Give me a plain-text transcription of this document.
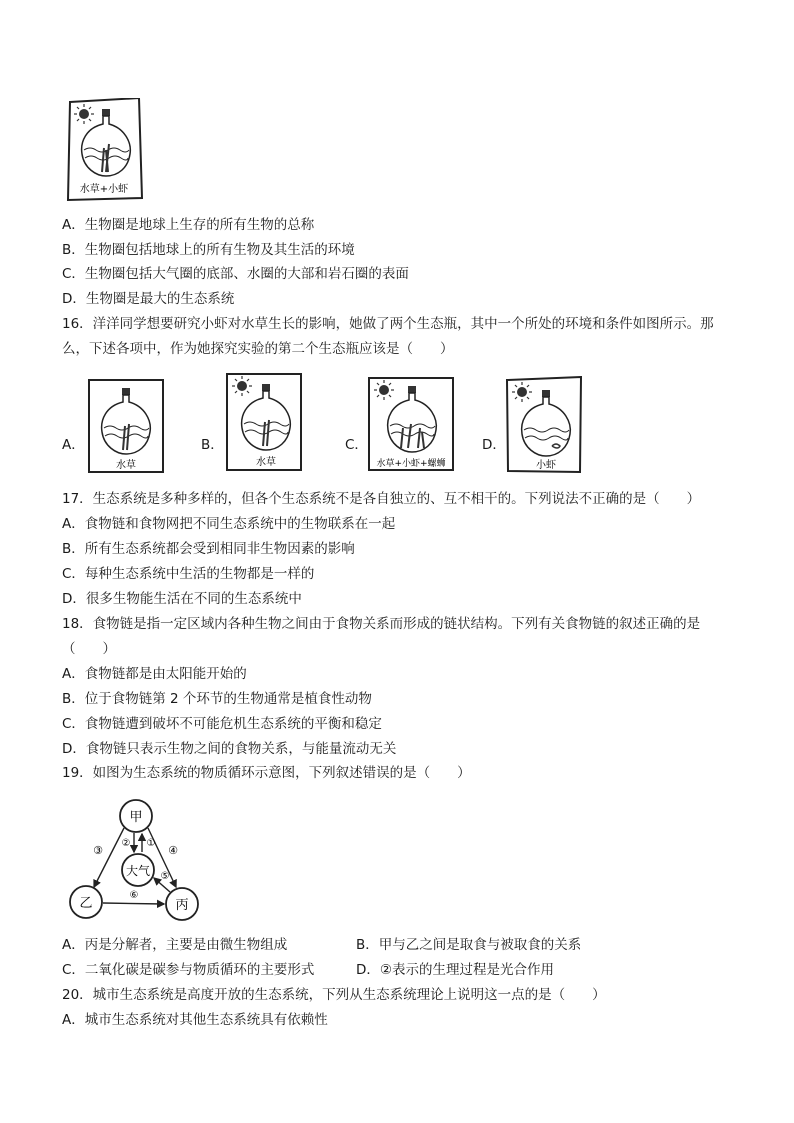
水草+小虾
A．生物圈是地球上生存的所有生物的总称
B．生物圈包括地球上的所有生物及其生活的环境
C．生物圈包括大气圈的底部、水圈的大部和岩石圈的表面
D．生物圈是最大的生态系统
16．洋洋同学想要研究小虾对水草生长的影响，她做了两个生态瓶，其中一个所处的环境和条件如图所示。那
么，下述各项中，作为她探究实验的第二个生态瓶应该是（　　）
A．
水草
B．
水草
C．
水草+小虾+螺蛳
D．
小虾
17．生态系统是多种多样的，但各个生态系统不是各自独立的、互不相干的。下列说法不正确的是（　　）
A．食物链和食物网把不同生态系统中的生物联系在一起
B．所有生态系统都会受到相同非生物因素的影响
C．每种生态系统中生活的生物都是一样的
D．很多生物能生活在不同的生态系统中
18．食物链是指一定区域内各种生物之间由于食物关系而形成的链状结构。下列有关食物链的叙述正确的是
（　　）
A．食物链都是由太阳能开始的
B．位于食物链第 2 个环节的生物通常是植食性动物
C．食物链遭到破坏不可能危机生态系统的平衡和稳定
D．食物链只表示生物之间的食物关系，与能量流动无关
19．如图为生态系统的物质循环示意图，下列叙述错误的是（　　）
甲
大气
乙	丙
③
② ①
④
⑤
⑥
A．丙是分解者，主要是由微生物组成	B．甲与乙之间是取食与被取食的关系
C．二氧化碳是碳参与物质循环的主要形式	D．②表示的生理过程是光合作用
20．城市生态系统是高度开放的生态系统，下列从生态系统理论上说明这一点的是（　　）
A．城市生态系统对其他生态系统具有依赖性
